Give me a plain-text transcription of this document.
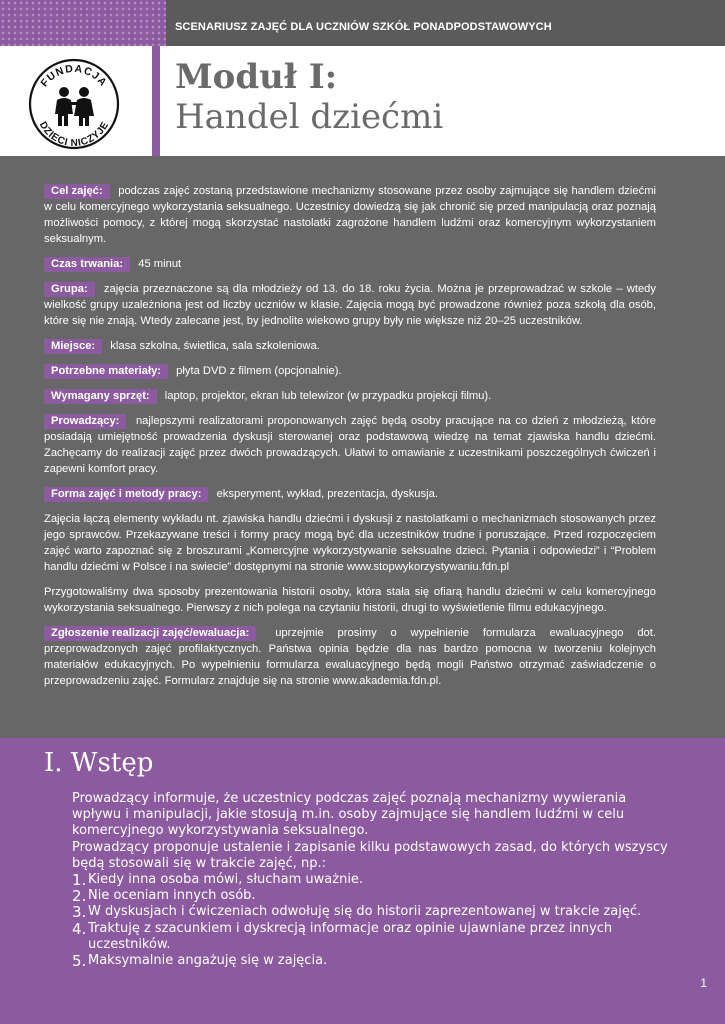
SCENARIUSZ ZAJĘĆ DLA UCZNIÓW SZKÓŁ PONADPODSTAWOWYCH
FUNDACJA
DZIECI NICZYJE
Moduł I:
Handel dziećmi

Cel zajęć: podczas zajęć zostaną przedstawione mechanizmy stosowane przez osoby zajmujące się handlem dziećmi w celu komercyjnego wykorzystania seksualnego. Uczestnicy dowiedzą się jak chronić się przed manipulacją oraz poznają możliwości pomocy, z której mogą skorzystać nastolatki zagrożone handlem ludźmi oraz komercyjnym wykorzystaniem seksualnym.

Czas trwania: 45 minut

Grupa: zajęcia przeznaczone są dla młodzieży od 13. do 18. roku życia. Można je przeprowadzać w szkole – wtedy wielkość grupy uzależniona jest od liczby uczniów w klasie. Zajęcia mogą być prowadzone również poza szkołą dla osób, które się nie znają. Wtedy zalecane jest, by jednolite wiekowo grupy były nie większe niż 20–25 uczestników.

Miejsce: klasa szkolna, świetlica, sala szkoleniowa.

Potrzebne materiały: płyta DVD z filmem (opcjonalnie).

Wymagany sprzęt: laptop, projektor, ekran lub telewizor (w przypadku projekcji filmu).

Prowadzący: najlepszymi realizatorami proponowanych zajęć będą osoby pracujące na co dzień z młodzieżą, które posiadają umiejętność prowadzenia dyskusji sterowanej oraz podstawową wiedzę na temat zjawiska handlu dziećmi. Zachęcamy do realizacji zajęć przez dwóch prowadzących. Ułatwi to omawianie z uczestnikami poszczególnych ćwiczeń i zapewni komfort pracy.

Forma zajęć i metody pracy: eksperyment, wykład, prezentacja, dyskusja.

Zajęcia łączą elementy wykładu nt. zjawiska handlu dziećmi i dyskusji z nastolatkami o mechanizmach stosowanych przez jego sprawców. Przekazywane treści i formy pracy mogą być dla uczestników trudne i poruszające. Przed rozpoczęciem zajęć warto zapoznać się z broszurami „Komercyjne wykorzystywanie seksualne dzieci. Pytania i odpowiedzi” i “Problem handlu dziećmi w Polsce i na swiecie” dostępnymi na stronie www.stopwykorzystywaniu.fdn.pl

Przygotowaliśmy dwa sposoby prezentowania historii osoby, która stała się ofiarą handlu dziećmi w celu komercyjnego wykorzystania seksualnego. Pierwszy z nich polega na czytaniu historii, drugi to wyświetlenie filmu edukacyjnego.

Zgłoszenie realizacji zajęć/ewaluacja: uprzejmie prosimy o wypełnienie formularza ewaluacyjnego dot. przeprowadzonych zajęć profilaktycznych. Państwa opinia będzie dla nas bardzo pomocna w tworzeniu kolejnych materiałów edukacyjnych. Po wypełnieniu formularza ewaluacyjnego będą mogli Państwo otrzymać zaświadczenie o przeprowadzeniu zajęć. Formularz znajduje się na stronie www.akademia.fdn.pl.

I. Wstęp

Prowadzący informuje, że uczestnicy podczas zajęć poznają mechanizmy wywierania wpływu i manipulacji, jakie stosują m.in. osoby zajmujące się handlem ludźmi w celu komercyjnego wykorzystywania seksualnego.

Prowadzący proponuje ustalenie i zapisanie kilku podstawowych zasad, do których wszyscy będą stosowali się w trakcie zajęć, np.:

1. Kiedy inna osoba mówi, słucham uważnie.
2. Nie oceniam innych osób.
3. W dyskusjach i ćwiczeniach odwołuję się do historii zaprezentowanej w trakcie zajęć.
4. Traktuję z szacunkiem i dyskrecją informacje oraz opinie ujawniane przez innych uczestników.
5. Maksymalnie angażuję się w zajęcia.
1
